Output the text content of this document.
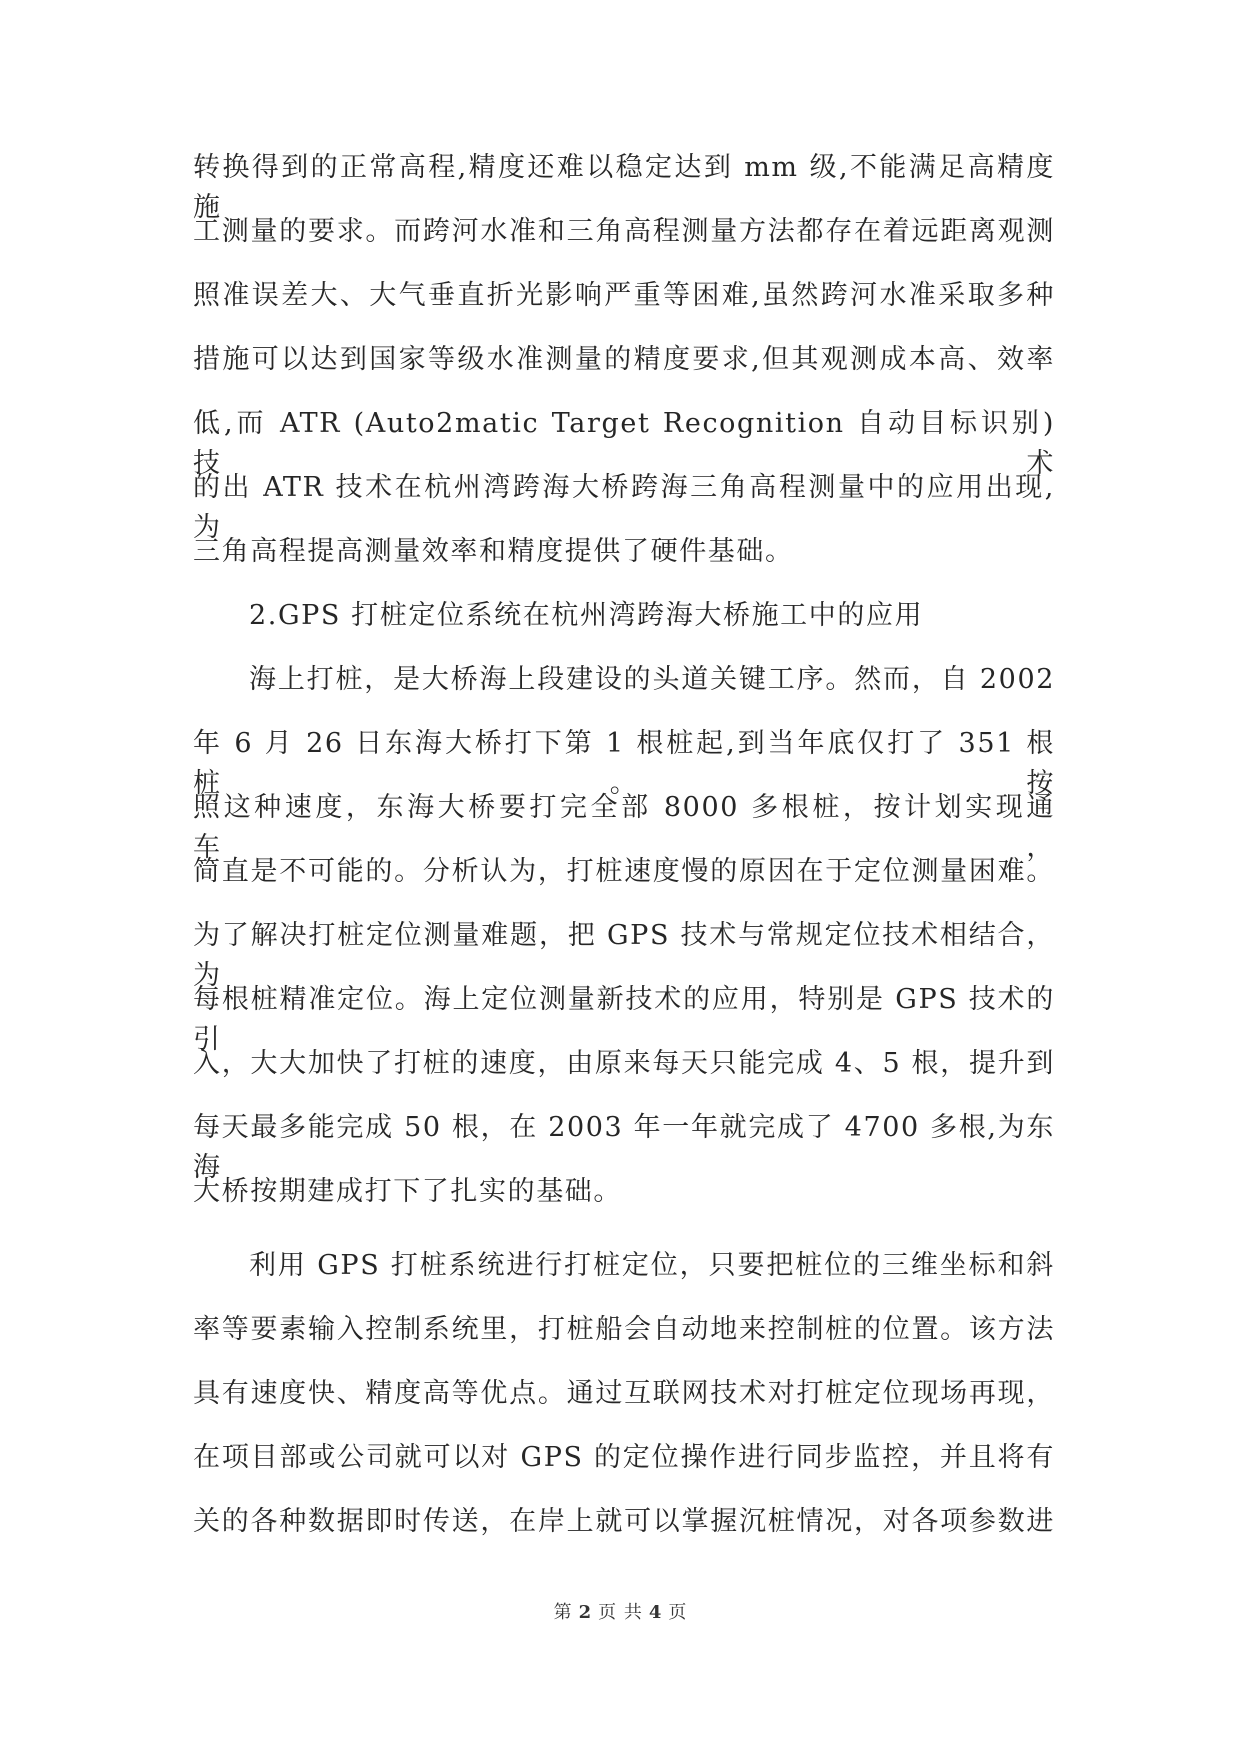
转换得到的正常高程,精度还难以稳定达到 mm 级,不能满足高精度施
工测量的要求。而跨河水准和三角高程测量方法都存在着远距离观测
照准误差大、大气垂直折光影响严重等困难,虽然跨河水准采取多种
措施可以达到国家等级水准测量的精度要求,但其观测成本高、效率
低,而 ATR (Auto2matic Target Recognition 自动目标识别) 技术
的出 ATR 技术在杭州湾跨海大桥跨海三角高程测量中的应用出现,为
三角高程提高测量效率和精度提供了硬件基础。
2.GPS 打桩定位系统在杭州湾跨海大桥施工中的应用
海上打桩，是大桥海上段建设的头道关键工序。然而，自 2002
年 6 月 26 日东海大桥打下第 1 根桩起,到当年底仅打了 351 根桩。按
照这种速度，东海大桥要打完全部 8000 多根桩，按计划实现通车，
简直是不可能的。分析认为，打桩速度慢的原因在于定位测量困难。
为了解决打桩定位测量难题，把 GPS 技术与常规定位技术相结合，为
每根桩精准定位。海上定位测量新技术的应用，特别是 GPS 技术的引
入，大大加快了打桩的速度，由原来每天只能完成 4、5 根，提升到
每天最多能完成 50 根，在 2003 年一年就完成了 4700 多根,为东海
大桥按期建成打下了扎实的基础。
利用 GPS 打桩系统进行打桩定位，只要把桩位的三维坐标和斜
率等要素输入控制系统里，打桩船会自动地来控制桩的位置。该方法
具有速度快、精度高等优点。通过互联网技术对打桩定位现场再现，
在项目部或公司就可以对 GPS 的定位操作进行同步监控，并且将有
关的各种数据即时传送，在岸上就可以掌握沉桩情况，对各项参数进
第 2 页 共 4 页
